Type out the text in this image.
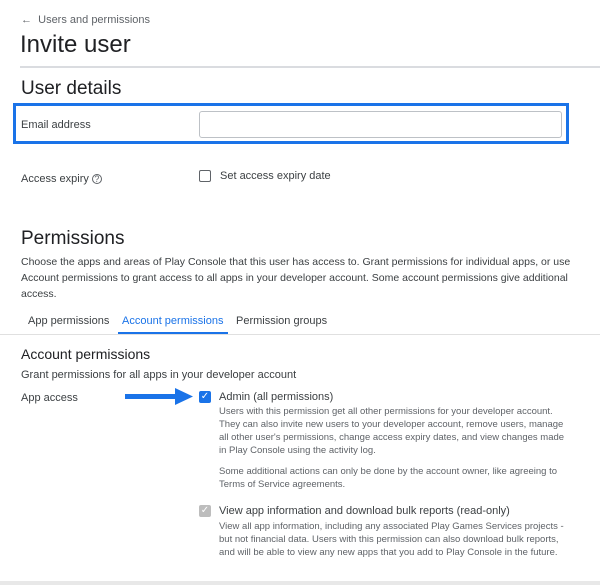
← Users and permissions
Invite user
User details
Email address
Access expiry ?	Set access expiry date
Permissions
Choose the apps and areas of Play Console that this user has access to. Grant permissions for individual apps, or use Account permissions to grant access to all apps in your developer account. Some account permissions give additional access.
App permissions Account permissions Permission groups
Account permissions
Grant permissions for all apps in your developer account
App access	✓ Admin (all permissions)
Users with this permission get all other permissions for your developer account. They can also invite new users to your developer account, remove users, manage all other user's permissions, change access expiry dates, and view changes made in Play Console using the activity log.
Some additional actions can only be done by the account owner, like agreeing to Terms of Service agreements.
✓ View app information and download bulk reports (read-only)
View all app information, including any associated Play Games Services projects - but not financial data. Users with this permission can also download bulk reports, and will be able to view any new apps that you add to Play Console in the future.
